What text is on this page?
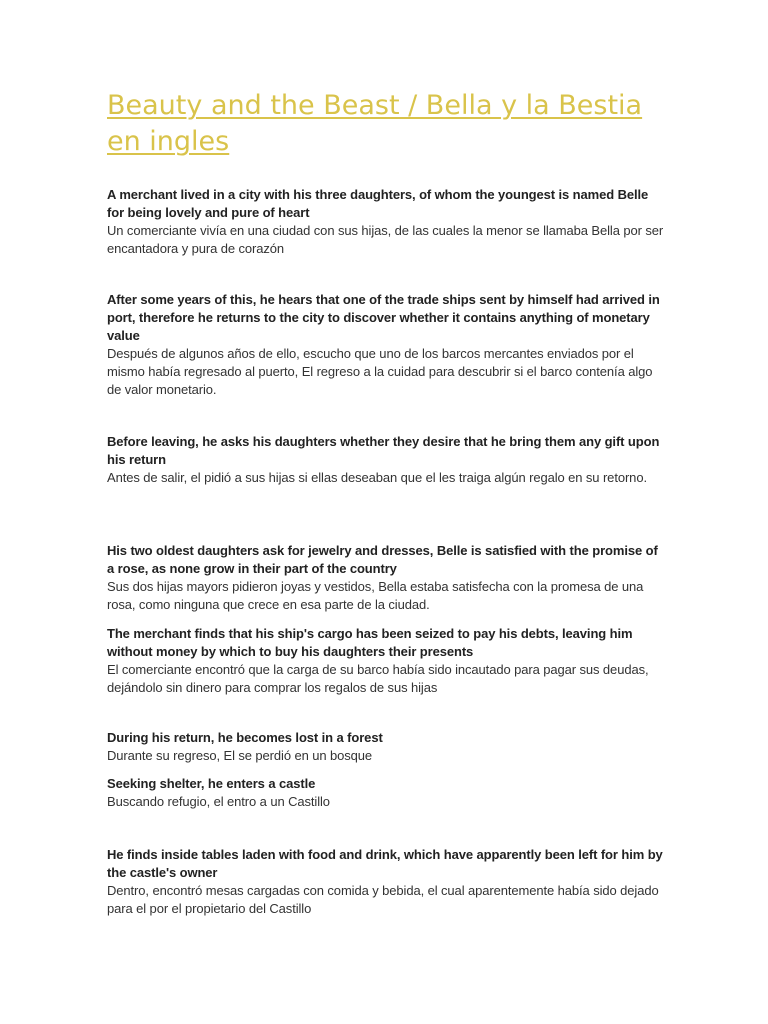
Beauty and the Beast / Bella y la Bestia en ingles

A merchant lived in a city with his three daughters, of whom the youngest is named Belle for being lovely and pure of heart

Un comerciante vivía en una ciudad con sus hijas, de las cuales la menor se llamaba Bella por ser encantadora y pura de corazón

After some years of this, he hears that one of the trade ships sent by himself had arrived in port, therefore he returns to the city to discover whether it contains anything of monetary value

Después de algunos años de ello, escucho que uno de los barcos mercantes enviados por el mismo había regresado al puerto, El regreso a la cuidad para descubrir si el barco contenía algo de valor monetario.

Before leaving, he asks his daughters whether they desire that he bring them any gift upon his return

Antes de salir, el pidió a sus hijas si ellas deseaban que el les traiga algún regalo en su retorno.

His two oldest daughters ask for jewelry and dresses, Belle is satisfied with the promise of a rose, as none grow in their part of the country

Sus dos hijas mayors pidieron joyas y vestidos, Bella estaba satisfecha con la promesa de una rosa, como ninguna que crece en esa parte de la ciudad.

The merchant finds that his ship's cargo has been seized to pay his debts, leaving him without money by which to buy his daughters their presents

El comerciante encontró que la carga de su barco había sido incautado para pagar sus deudas, dejándolo sin dinero para comprar los regalos de sus hijas

During his return, he becomes lost in a forest

Durante su regreso, El se perdió en un bosque

Seeking shelter, he enters a castle

Buscando refugio, el entro a un Castillo

He finds inside tables laden with food and drink, which have apparently been left for him by the castle's owner

Dentro, encontró mesas cargadas con comida y bebida, el cual aparentemente había sido dejado para el por el propietario del Castillo
